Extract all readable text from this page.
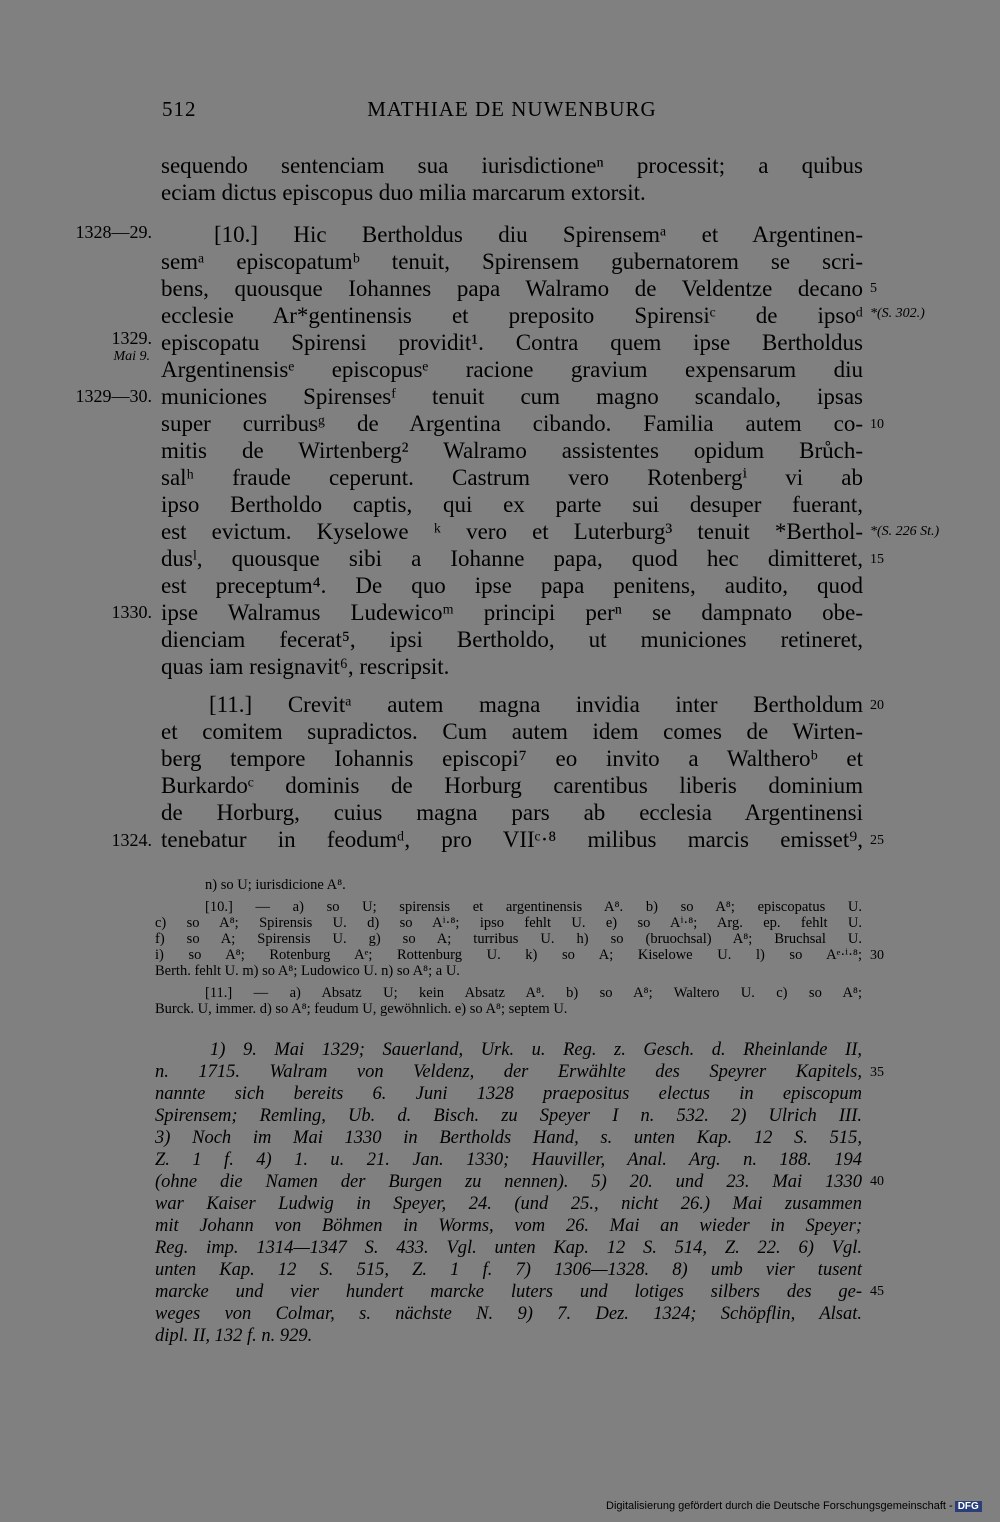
512	MATHIAE DE NUWENBURG
sequendo sentenciam sua iurisdictioneⁿ processit; a quibus
eciam dictus episcopus duo milia marcarum extorsit.
[10.] Hic Bertholdus diu Spirensemᵃ et Argentinen-
semᵃ episcopatumᵇ tenuit, Spirensem gubernatorem se scri-
bens, quousque Iohannes papa Walramo de Veldentze decano
ecclesie Ar*gentinensis et preposito Spirensiᶜ de ipsoᵈ
episcopatu Spirensi providit¹. Contra quem ipse Bertholdus
Argentinensisᵉ episcopusᵉ racione gravium expensarum diu
municiones Spirensesᶠ tenuit cum magno scandalo, ipsas
super curribusᵍ de Argentina cibando. Familia autem co-
mitis de Wirtenberg² Walramo assistentes opidum Brůch-
salʰ fraude ceperunt. Castrum vero Rotenbergⁱ vi ab
ipso Bertholdo captis, qui ex parte sui desuper fuerant,
est evictum. Kyselowe ᵏ vero et Luterburg³ tenuit *Berthol-
dusˡ, quousque sibi a Iohanne papa, quod hec dimitteret,
est preceptum⁴. De quo ipse papa penitens, audito, quod
ipse Walramus Ludewicoᵐ principi perⁿ se dampnato obe-
dienciam fecerat⁵, ipsi Bertholdo, ut municiones retineret,
quas iam resignavit⁶, rescripsit.
[11.] Crevitᵃ autem magna invidia inter Bertholdum
et comitem supradictos. Cum autem idem comes de Wirten-
berg tempore Iohannis episcopi⁷ eo invito a Waltheroᵇ et
Burkardoᶜ dominis de Horburg carentibus liberis dominium
de Horburg, cuius magna pars ab ecclesia Argentinensi
tenebatur in feodumᵈ, pro VIIᶜ·⁸ milibus marcis emisset⁹,
1328—29.
1329.
Mai 9.
1329—30.
1330.
1324.
5
*(S. 302.)
10
*(S. 226 St.)
15
20
25
30
35
40
45
n) so U; iurisdicione A⁸.
[10.] — a) so U; spirensis et argentinensis A⁸. b) so A⁸; episcopatus U.
c) so A⁸; Spirensis U. d) so Aⁱ·⁸; ipso fehlt U. e) so Aⁱ·⁸; Arg. ep. fehlt U.
f) so A; Spirensis U. g) so A; turribus U. h) so (bruochsal) A⁸; Bruchsal U.
i) so A⁸; Rotenburg Aᵉ; Rottenburg U. k) so A; Kiselowe U. l) so Aᵉ·ⁱ·⁸;
Berth. fehlt U. m) so A⁸; Ludowico U. n) so A⁸; a U.
[11.] — a) Absatz U; kein Absatz A⁸. b) so A⁸; Waltero U. c) so A⁸;
Burck. U, immer. d) so A⁸; feudum U, gewöhnlich. e) so A⁸; septem U.
1) 9. Mai 1329; Sauerland, Urk. u. Reg. z. Gesch. d. Rheinlande II,
n. 1715. Walram von Veldenz, der Erwählte des Speyrer Kapitels,
nannte sich bereits 6. Juni 1328 praepositus electus in episcopum
Spirensem; Remling, Ub. d. Bisch. zu Speyer I n. 532. 2) Ulrich III.
3) Noch im Mai 1330 in Bertholds Hand, s. unten Kap. 12 S. 515,
Z. 1 f. 4) 1. u. 21. Jan. 1330; Hauviller, Anal. Arg. n. 188. 194
(ohne die Namen der Burgen zu nennen). 5) 20. und 23. Mai 1330
war Kaiser Ludwig in Speyer, 24. (und 25., nicht 26.) Mai zusammen
mit Johann von Böhmen in Worms, vom 26. Mai an wieder in Speyer;
Reg. imp. 1314—1347 S. 433. Vgl. unten Kap. 12 S. 514, Z. 22. 6) Vgl.
unten Kap. 12 S. 515, Z. 1 f. 7) 1306—1328. 8) umb vier tusent
marcke und vier hundert marcke luters und lotiges silbers des ge-
weges von Colmar, s. nächste N. 9) 7. Dez. 1324; Schöpflin, Alsat.
dipl. II, 132 f. n. 929.
Digitalisierung gefördert durch die Deutsche Forschungsgemeinschaft - DFG
